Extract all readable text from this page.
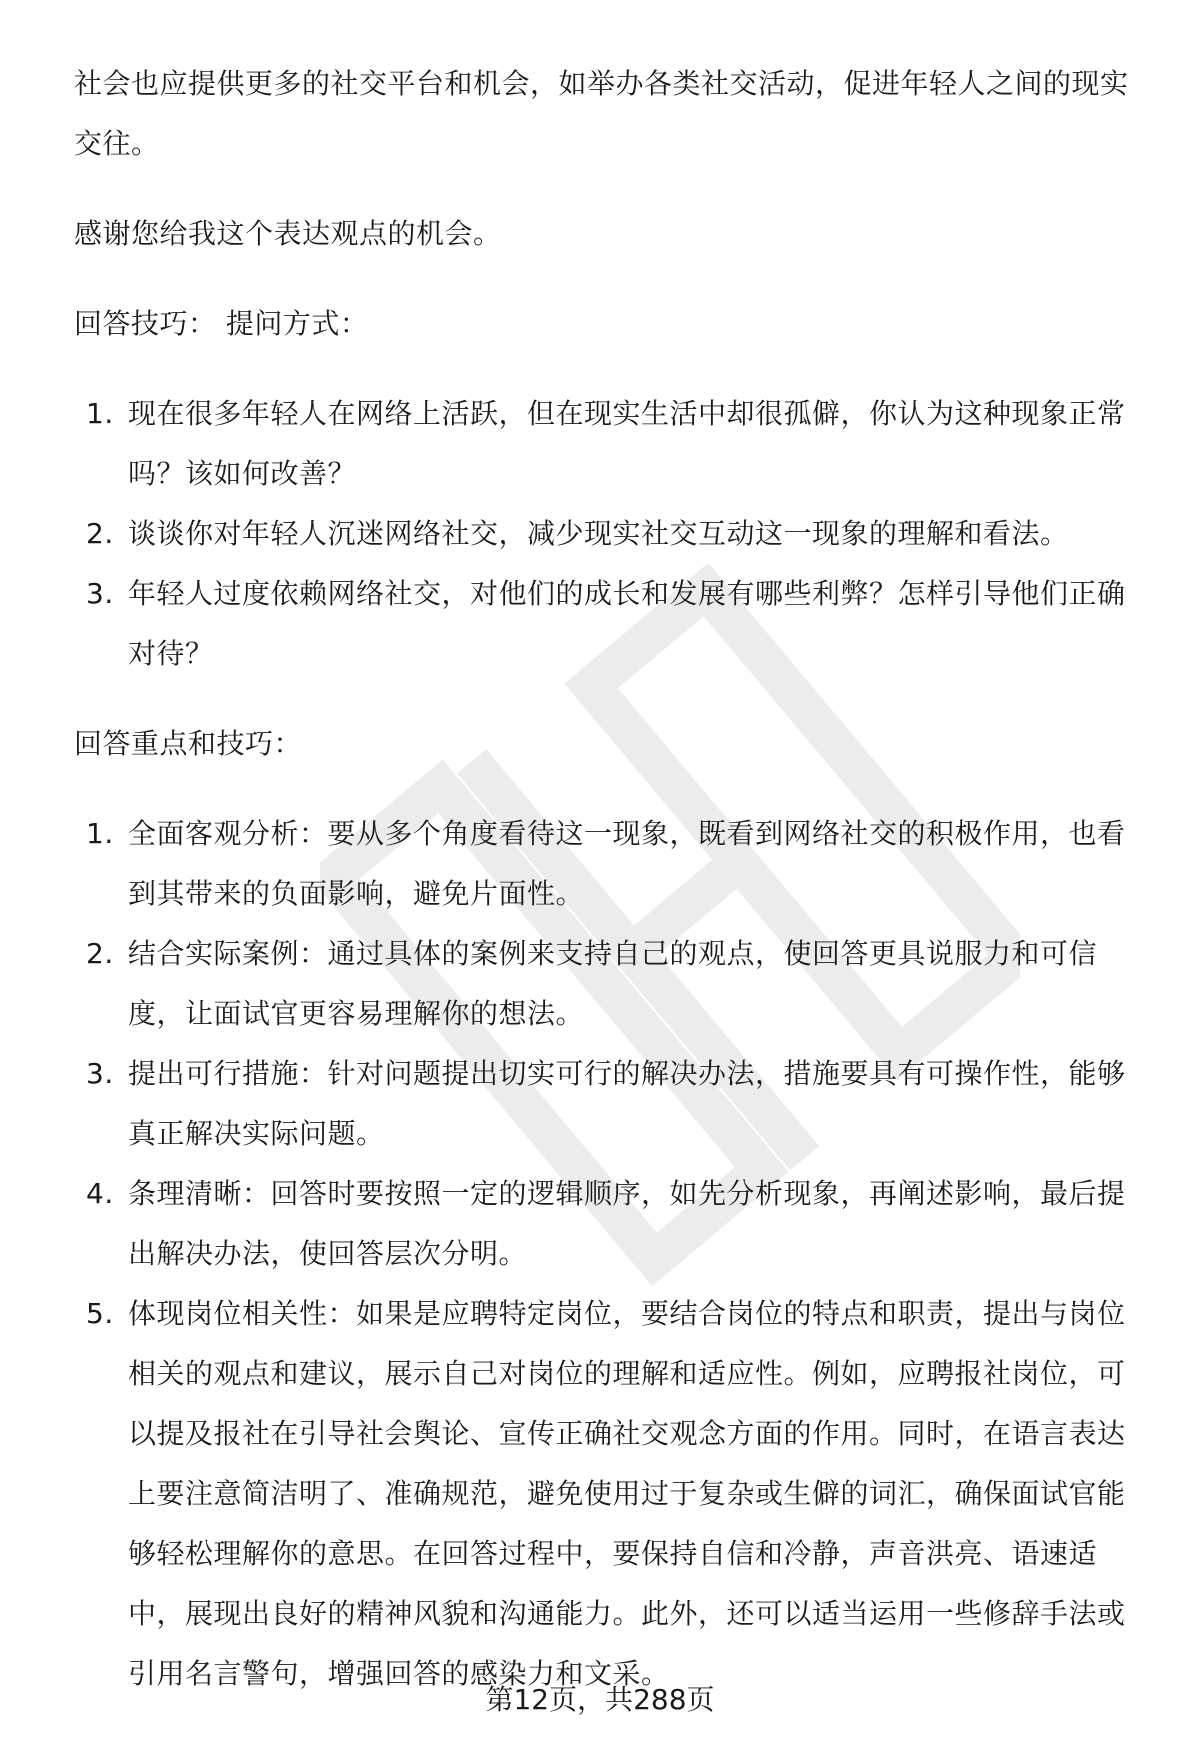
社会也应提供更多的社交平台和机会，如举办各类社交活动，促进年轻人之间的现实交往。

感谢您给我这个表达观点的机会。

回答技巧： 提问方式：

1. 现在很多年轻人在网络上活跃，但在现实生活中却很孤僻，你认为这种现象正常吗？该如何改善？
2. 谈谈你对年轻人沉迷网络社交，减少现实社交互动这一现象的理解和看法。
3. 年轻人过度依赖网络社交，对他们的成长和发展有哪些利弊？怎样引导他们正确对待？

回答重点和技巧：

1. 全面客观分析：要从多个角度看待这一现象，既看到网络社交的积极作用，也看到其带来的负面影响，避免片面性。
2. 结合实际案例：通过具体的案例来支持自己的观点，使回答更具说服力和可信度，让面试官更容易理解你的想法。
3. 提出可行措施：针对问题提出切实可行的解决办法，措施要具有可操作性，能够真正解决实际问题。
4. 条理清晰：回答时要按照一定的逻辑顺序，如先分析现象，再阐述影响，最后提出解决办法，使回答层次分明。
5. 体现岗位相关性：如果是应聘特定岗位，要结合岗位的特点和职责，提出与岗位相关的观点和建议，展示自己对岗位的理解和适应性。例如，应聘报社岗位，可以提及报社在引导社会舆论、宣传正确社交观念方面的作用。同时，在语言表达上要注意简洁明了、准确规范，避免使用过于复杂或生僻的词汇，确保面试官能够轻松理解你的意思。在回答过程中，要保持自信和冷静，声音洪亮、语速适中，展现出良好的精神风貌和沟通能力。此外，还可以适当运用一些修辞手法或引用名言警句，增强回答的感染力和文采。
第12页，共288页
